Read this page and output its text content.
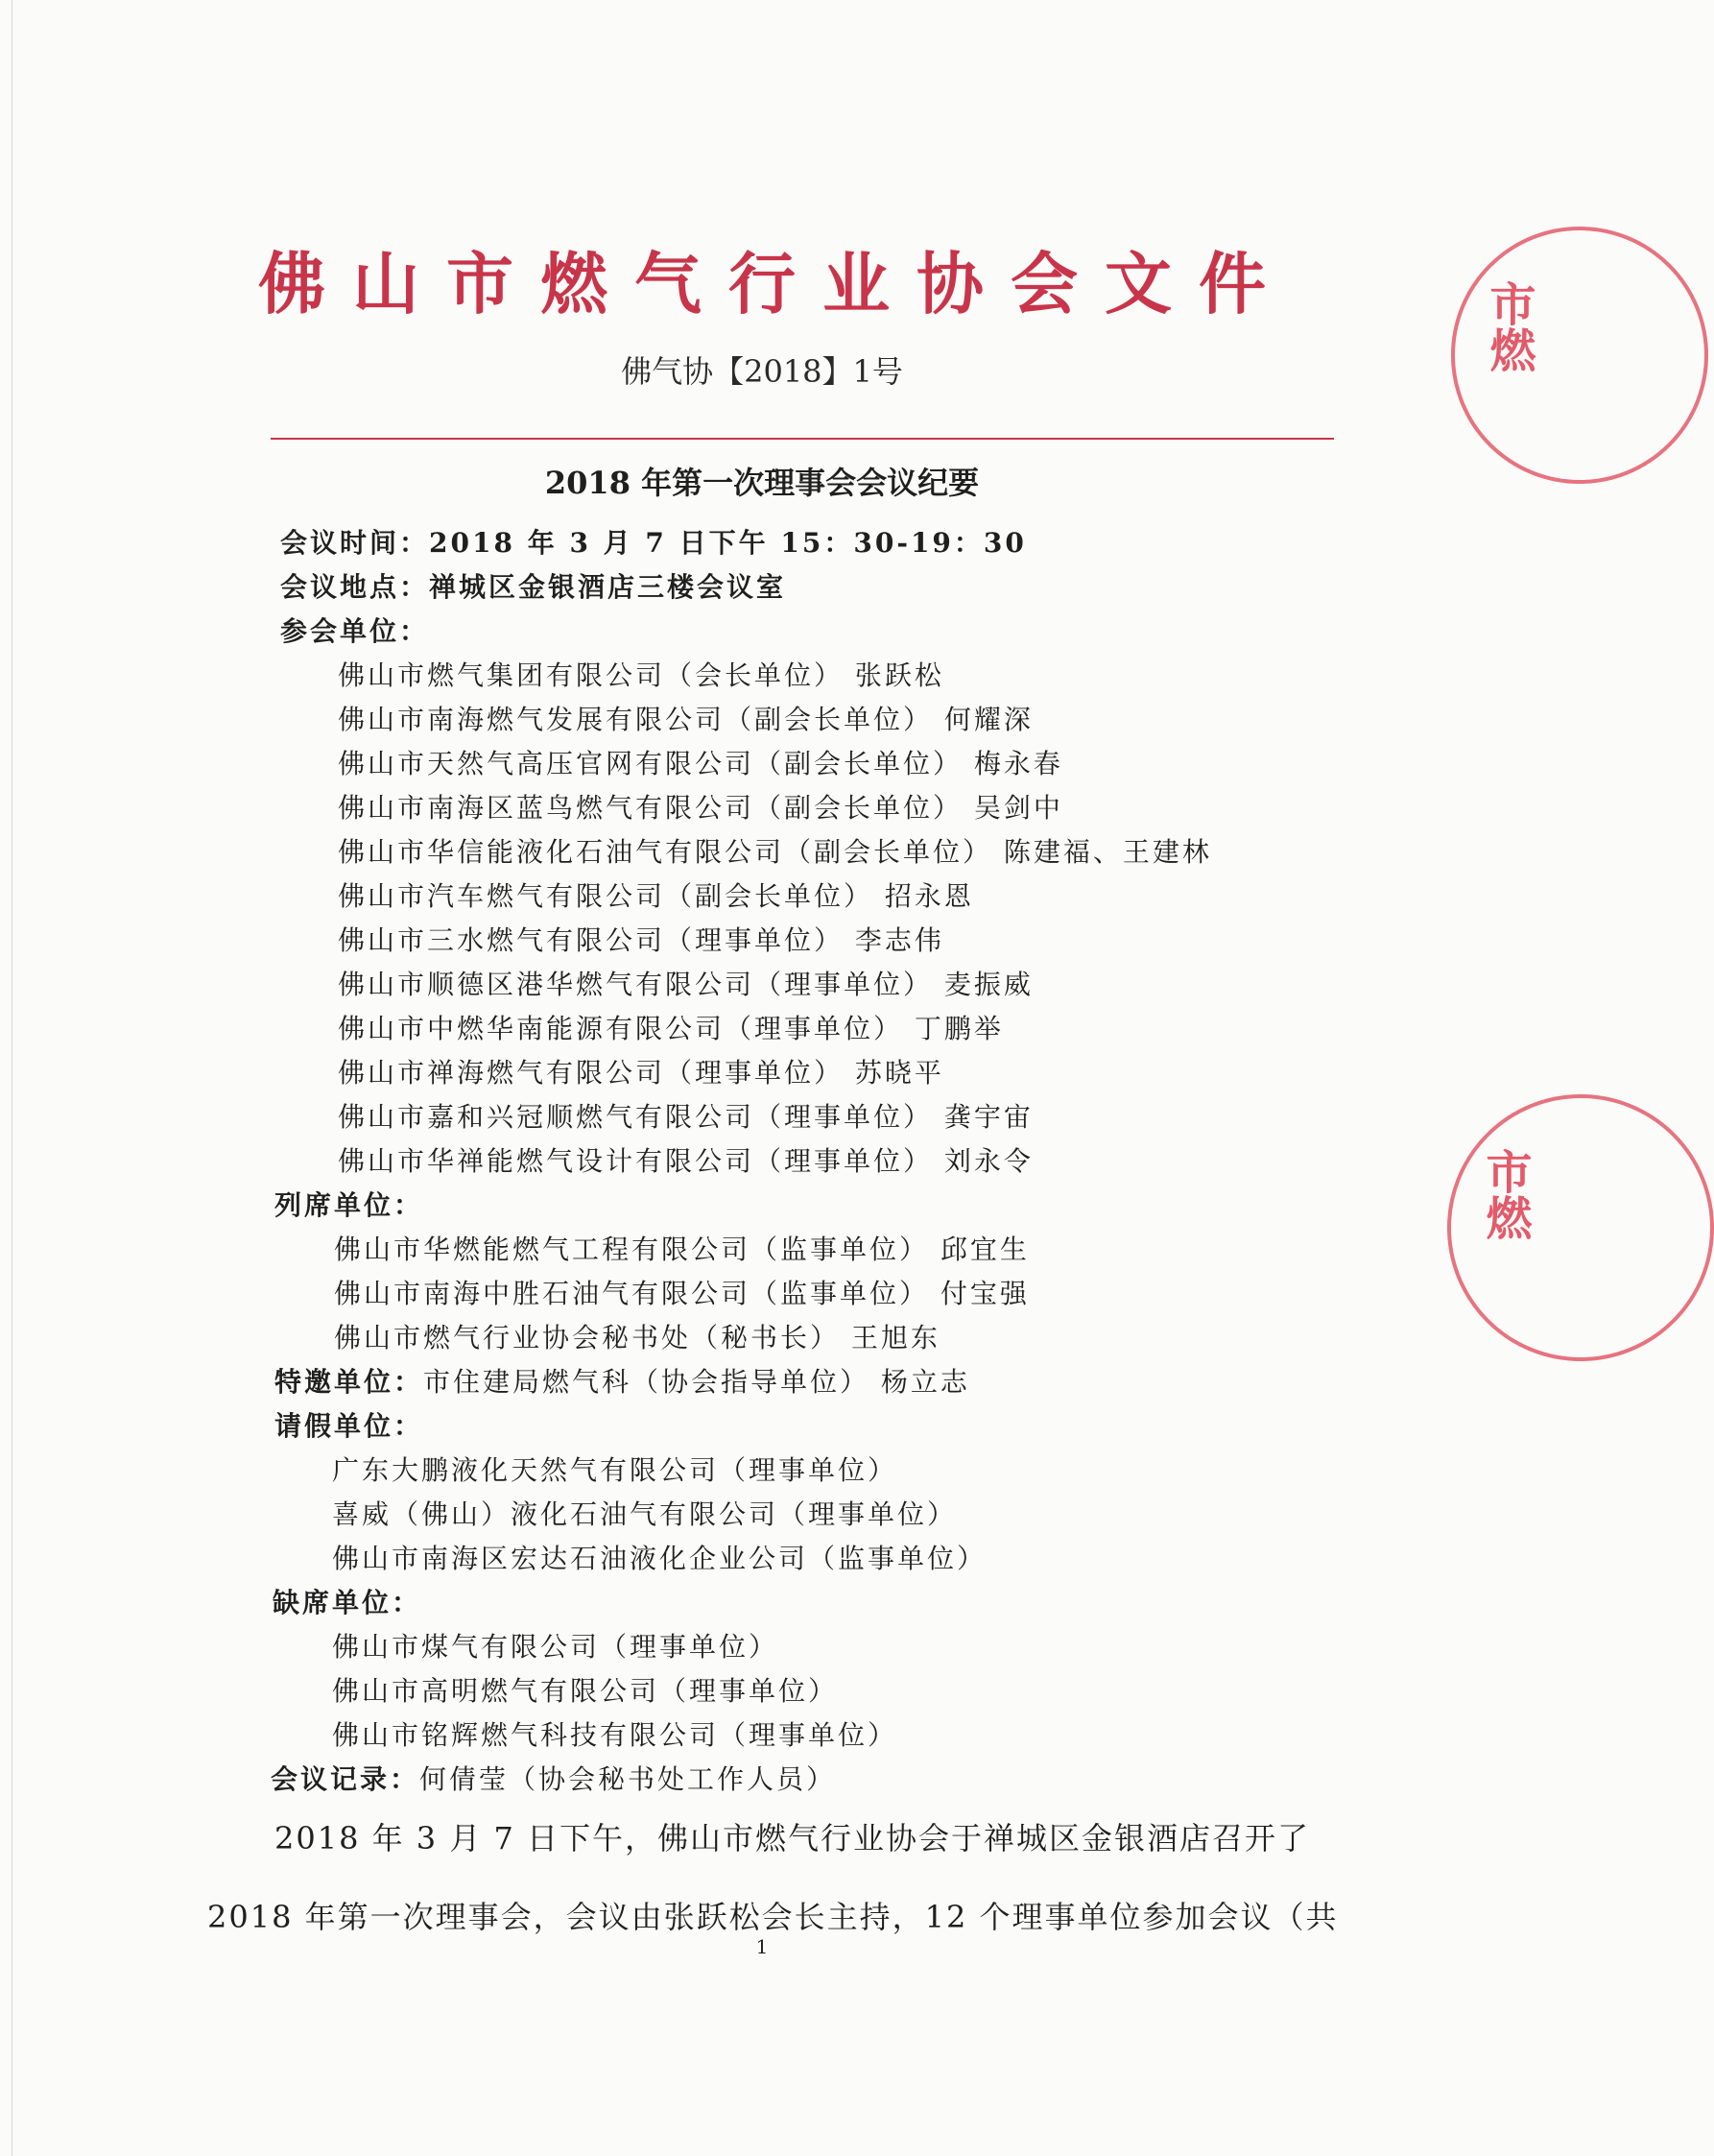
佛山市燃气行业协会文件
佛气协【2018】1号
2018 年第一次理事会会议纪要
会议时间：2018 年 3 月 7 日下午 15：30-19：30
会议地点：禅城区金银酒店三楼会议室
参会单位：
佛山市燃气集团有限公司（会长单位） 张跃松
佛山市南海燃气发展有限公司（副会长单位） 何耀深
佛山市天然气高压官网有限公司（副会长单位） 梅永春
佛山市南海区蓝鸟燃气有限公司（副会长单位） 吴剑中
佛山市华信能液化石油气有限公司（副会长单位） 陈建福、王建林
佛山市汽车燃气有限公司（副会长单位） 招永恩
佛山市三水燃气有限公司（理事单位） 李志伟
佛山市顺德区港华燃气有限公司（理事单位） 麦振威
佛山市中燃华南能源有限公司（理事单位） 丁鹏举
佛山市禅海燃气有限公司（理事单位） 苏晓平
佛山市嘉和兴冠顺燃气有限公司（理事单位） 龚宇宙
佛山市华禅能燃气设计有限公司（理事单位） 刘永令
列席单位：
佛山市华燃能燃气工程有限公司（监事单位） 邱宜生
佛山市南海中胜石油气有限公司（监事单位） 付宝强
佛山市燃气行业协会秘书处（秘书长） 王旭东
特邀单位：市住建局燃气科（协会指导单位） 杨立志
请假单位：
广东大鹏液化天然气有限公司（理事单位）
喜威（佛山）液化石油气有限公司（理事单位）
佛山市南海区宏达石油液化企业公司（监事单位）
缺席单位：
佛山市煤气有限公司（理事单位）
佛山市高明燃气有限公司（理事单位）
佛山市铭辉燃气科技有限公司（理事单位）
会议记录：何倩莹（协会秘书处工作人员）
2018 年 3 月 7 日下午，佛山市燃气行业协会于禅城区金银酒店召开了
2018 年第一次理事会，会议由张跃松会长主持，12 个理事单位参加会议（共
1
市燃
市燃
